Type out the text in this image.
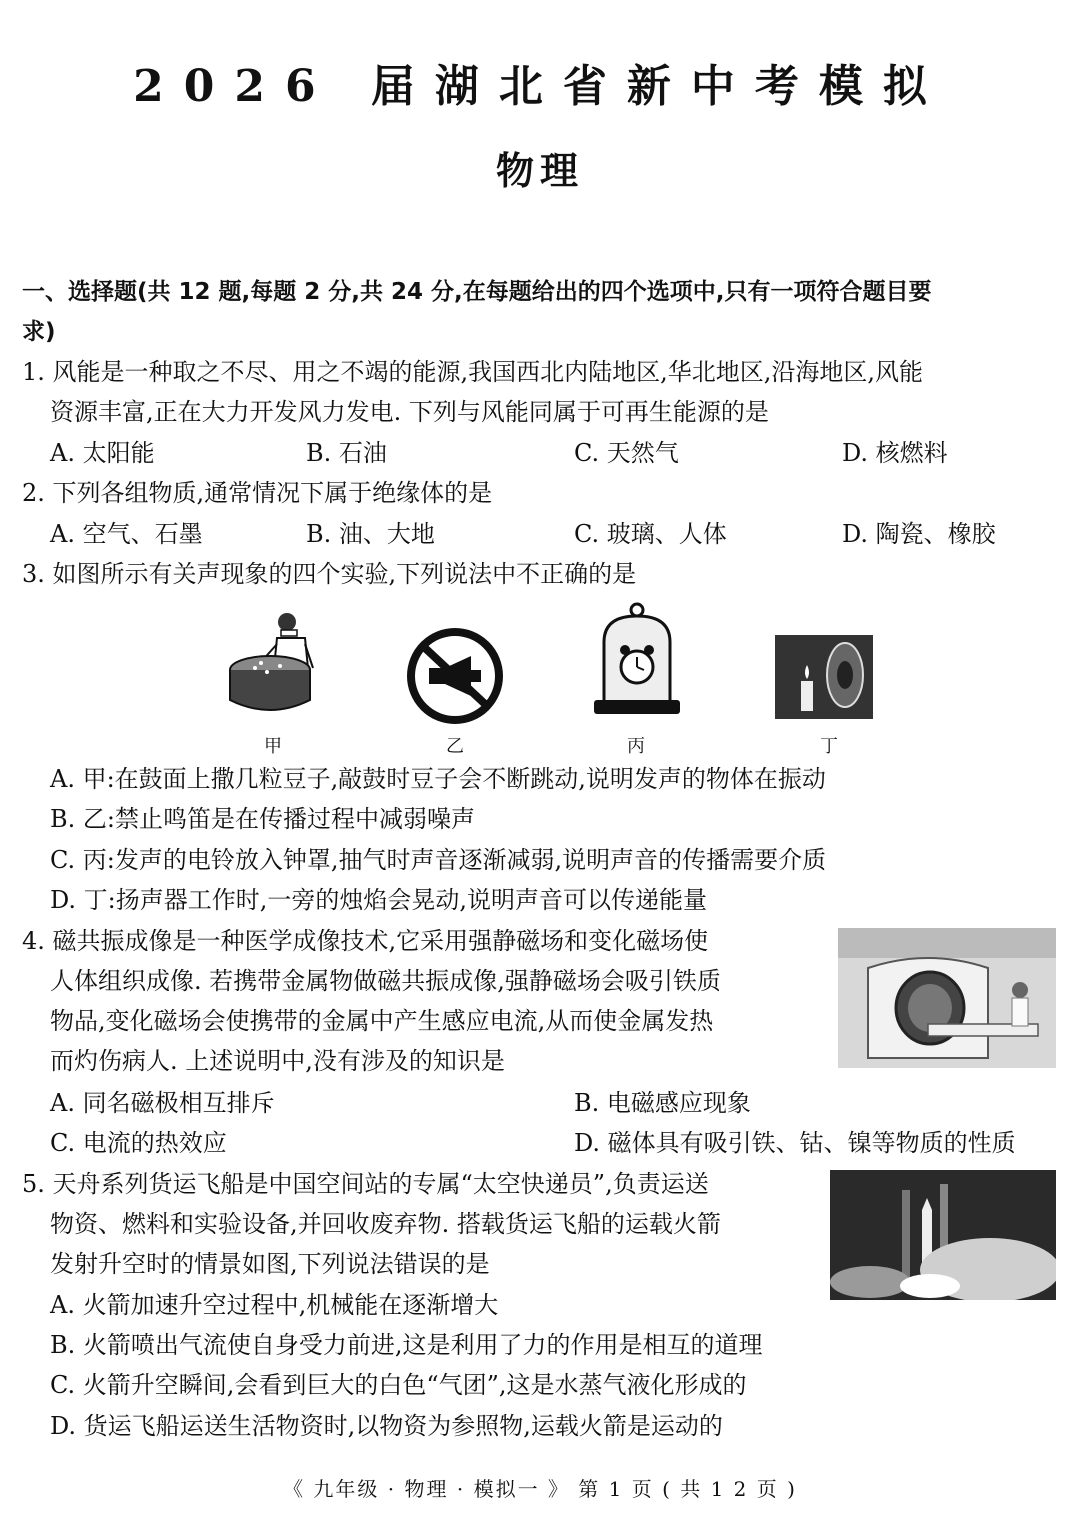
2026 届湖北省新中考模拟
物理
一、选择题(共 12 题,每题 2 分,共 24 分,在每题给出的四个选项中,只有一项符合题目要
求)
1. 风能是一种取之不尽、用之不竭的能源,我国西北内陆地区,华北地区,沿海地区,风能
资源丰富,正在大力开发风力发电. 下列与风能同属于可再生能源的是
A. 太阳能	B. 石油	C. 天然气	D. 核燃料
2. 下列各组物质,通常情况下属于绝缘体的是
A. 空气、石墨	B. 油、大地	C. 玻璃、人体	D. 陶瓷、橡胶
3. 如图所示有关声现象的四个实验,下列说法中不正确的是
甲	乙	丙	丁
A. 甲:在鼓面上撒几粒豆子,敲鼓时豆子会不断跳动,说明发声的物体在振动
B. 乙:禁止鸣笛是在传播过程中减弱噪声
C. 丙:发声的电铃放入钟罩,抽气时声音逐渐减弱,说明声音的传播需要介质
D. 丁:扬声器工作时,一旁的烛焰会晃动,说明声音可以传递能量
4. 磁共振成像是一种医学成像技术,它采用强静磁场和变化磁场使
人体组织成像. 若携带金属物做磁共振成像,强静磁场会吸引铁质
物品,变化磁场会使携带的金属中产生感应电流,从而使金属发热
而灼伤病人. 上述说明中,没有涉及的知识是
A. 同名磁极相互排斥	B. 电磁感应现象
C. 电流的热效应	D. 磁体具有吸引铁、钴、镍等物质的性质
5. 天舟系列货运飞船是中国空间站的专属“太空快递员”,负责运送
物资、燃料和实验设备,并回收废弃物. 搭载货运飞船的运载火箭
发射升空时的情景如图,下列说法错误的是
A. 火箭加速升空过程中,机械能在逐渐增大
B. 火箭喷出气流使自身受力前进,这是利用了力的作用是相互的道理
C. 火箭升空瞬间,会看到巨大的白色“气团”,这是水蒸气液化形成的
D. 货运飞船运送生活物资时,以物资为参照物,运载火箭是运动的
《 九年级 · 物理 · 模拟一 》 第 1 页 ( 共 1 2 页 )
